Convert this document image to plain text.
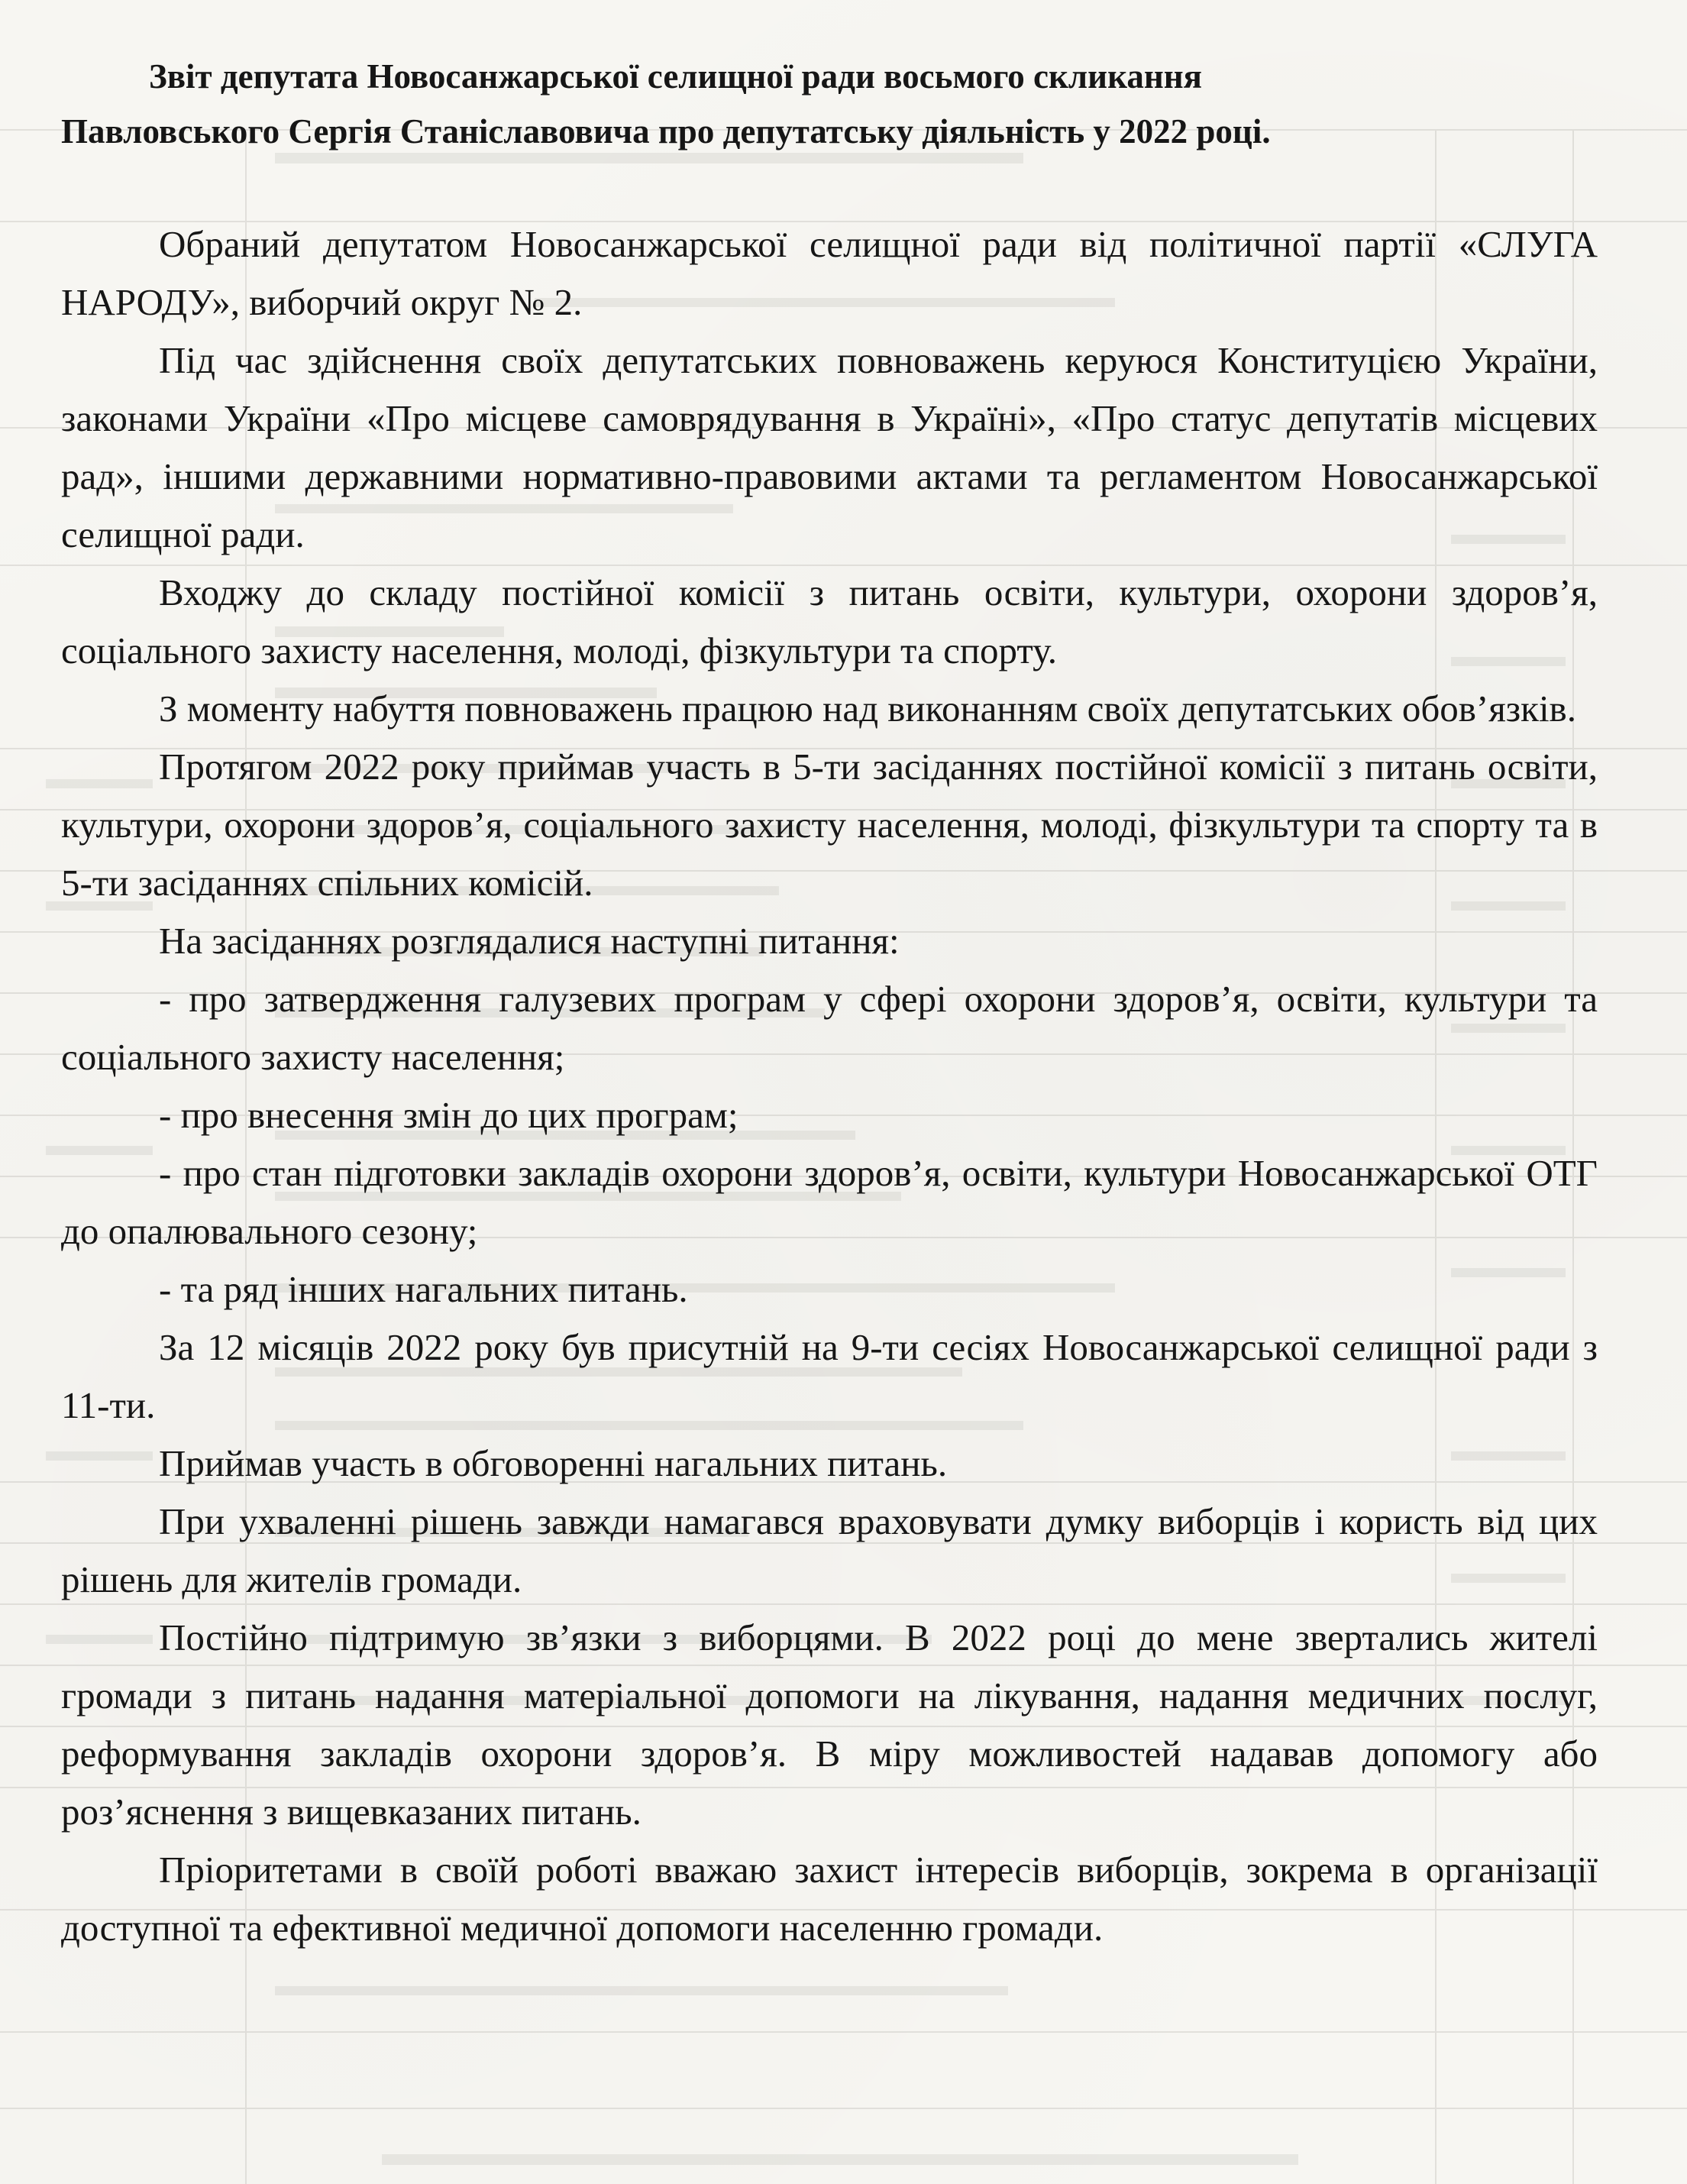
Звіт депутата Новосанжарської селищної ради восьмого скликання
Павловського Сергія Станіславовича про депутатську діяльність у 2022 році.

Обраний депутатом Новосанжарської селищної ради від політичної партії «СЛУГА НАРОДУ», виборчий округ № 2.

Під час здійснення своїх депутатських повноважень керуюся Конституцією України, законами України «Про місцеве самоврядування в Україні», «Про статус депутатів місцевих рад», іншими державними нормативно-правовими актами та регламентом Новосанжарської селищної ради.

Входжу до складу постійної комісії з питань освіти, культури, охорони здоров’я, соціального захисту населення, молоді, фізкультури та спорту.

З моменту набуття повноважень працюю над виконанням своїх депутатських обов’язків.

Протягом 2022 року приймав участь в 5-ти засіданнях постійної комісії з питань освіти, культури, охорони здоров’я, соціального захисту населення, молоді, фізкультури та спорту та в 5-ти засіданнях спільних комісій.

На засіданнях розглядалися наступні питання:

- про затвердження галузевих програм у сфері охорони здоров’я, освіти, культури та соціального захисту населення;

- про внесення змін до цих програм;

- про стан підготовки закладів охорони здоров’я, освіти, культури Новосанжарської ОТГ до опалювального сезону;

- та ряд інших нагальних питань.

За 12 місяців 2022 року був присутній на 9-ти сесіях Новосанжарської селищної ради з 11-ти.

Приймав участь в обговоренні нагальних питань.

При ухваленні рішень завжди намагався враховувати думку виборців і користь від цих рішень для жителів громади.

Постійно підтримую зв’язки з виборцями. В 2022 році до мене звертались жителі громади з питань надання матеріальної допомоги на лікування, надання медичних послуг, реформування закладів охорони здоров’я. В міру можливостей надавав допомогу або роз’яснення з вищевказаних питань.

Пріоритетами в своїй роботі вважаю захист інтересів виборців, зокрема в організації доступної та ефективної медичної допомоги населенню громади.
